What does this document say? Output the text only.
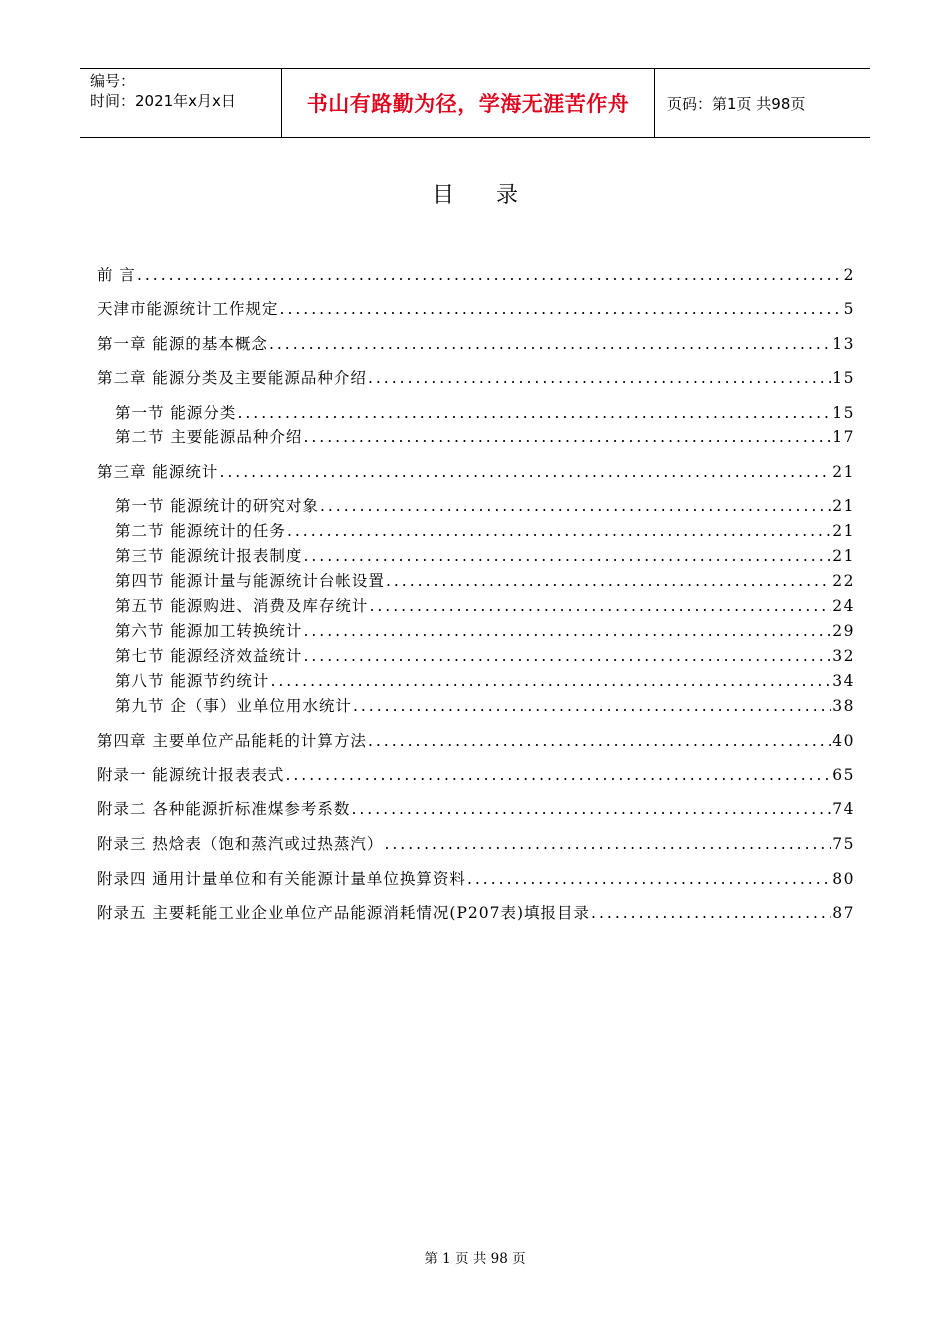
编号：
时间：2021年x月x日	书山有路勤为径，学海无涯苦作舟	页码：第1页 共98页
目录
前 言 .....	2
天津市能源统计工作规定 .....	5
第一章 能源的基本概念 .....	13
第二章 能源分类及主要能源品种介绍 .....	15
第一节 能源分类 .....	15
第二节 主要能源品种介绍 .....	17
第三章 能源统计 .....	21
第一节 能源统计的研究对象 .....	21
第二节 能源统计的任务 .....	21
第三节 能源统计报表制度 .....	21
第四节 能源计量与能源统计台帐设置 .....	22
第五节 能源购进、消费及库存统计 .....	24
第六节 能源加工转换统计 .....	29
第七节 能源经济效益统计 .....	32
第八节 能源节约统计 .....	34
第九节 企（事）业单位用水统计 .....	38
第四章 主要单位产品能耗的计算方法 .....	40
附录一 能源统计报表表式 .....	65
附录二 各种能源折标准煤参考系数 .....	74
附录三 热焓表（饱和蒸汽或过热蒸汽） .....	75
附录四 通用计量单位和有关能源计量单位换算资料 .....	80
附录五 主要耗能工业企业单位产品能源消耗情况(P207表)填报目录 .....	87
第 1 页 共 98 页
